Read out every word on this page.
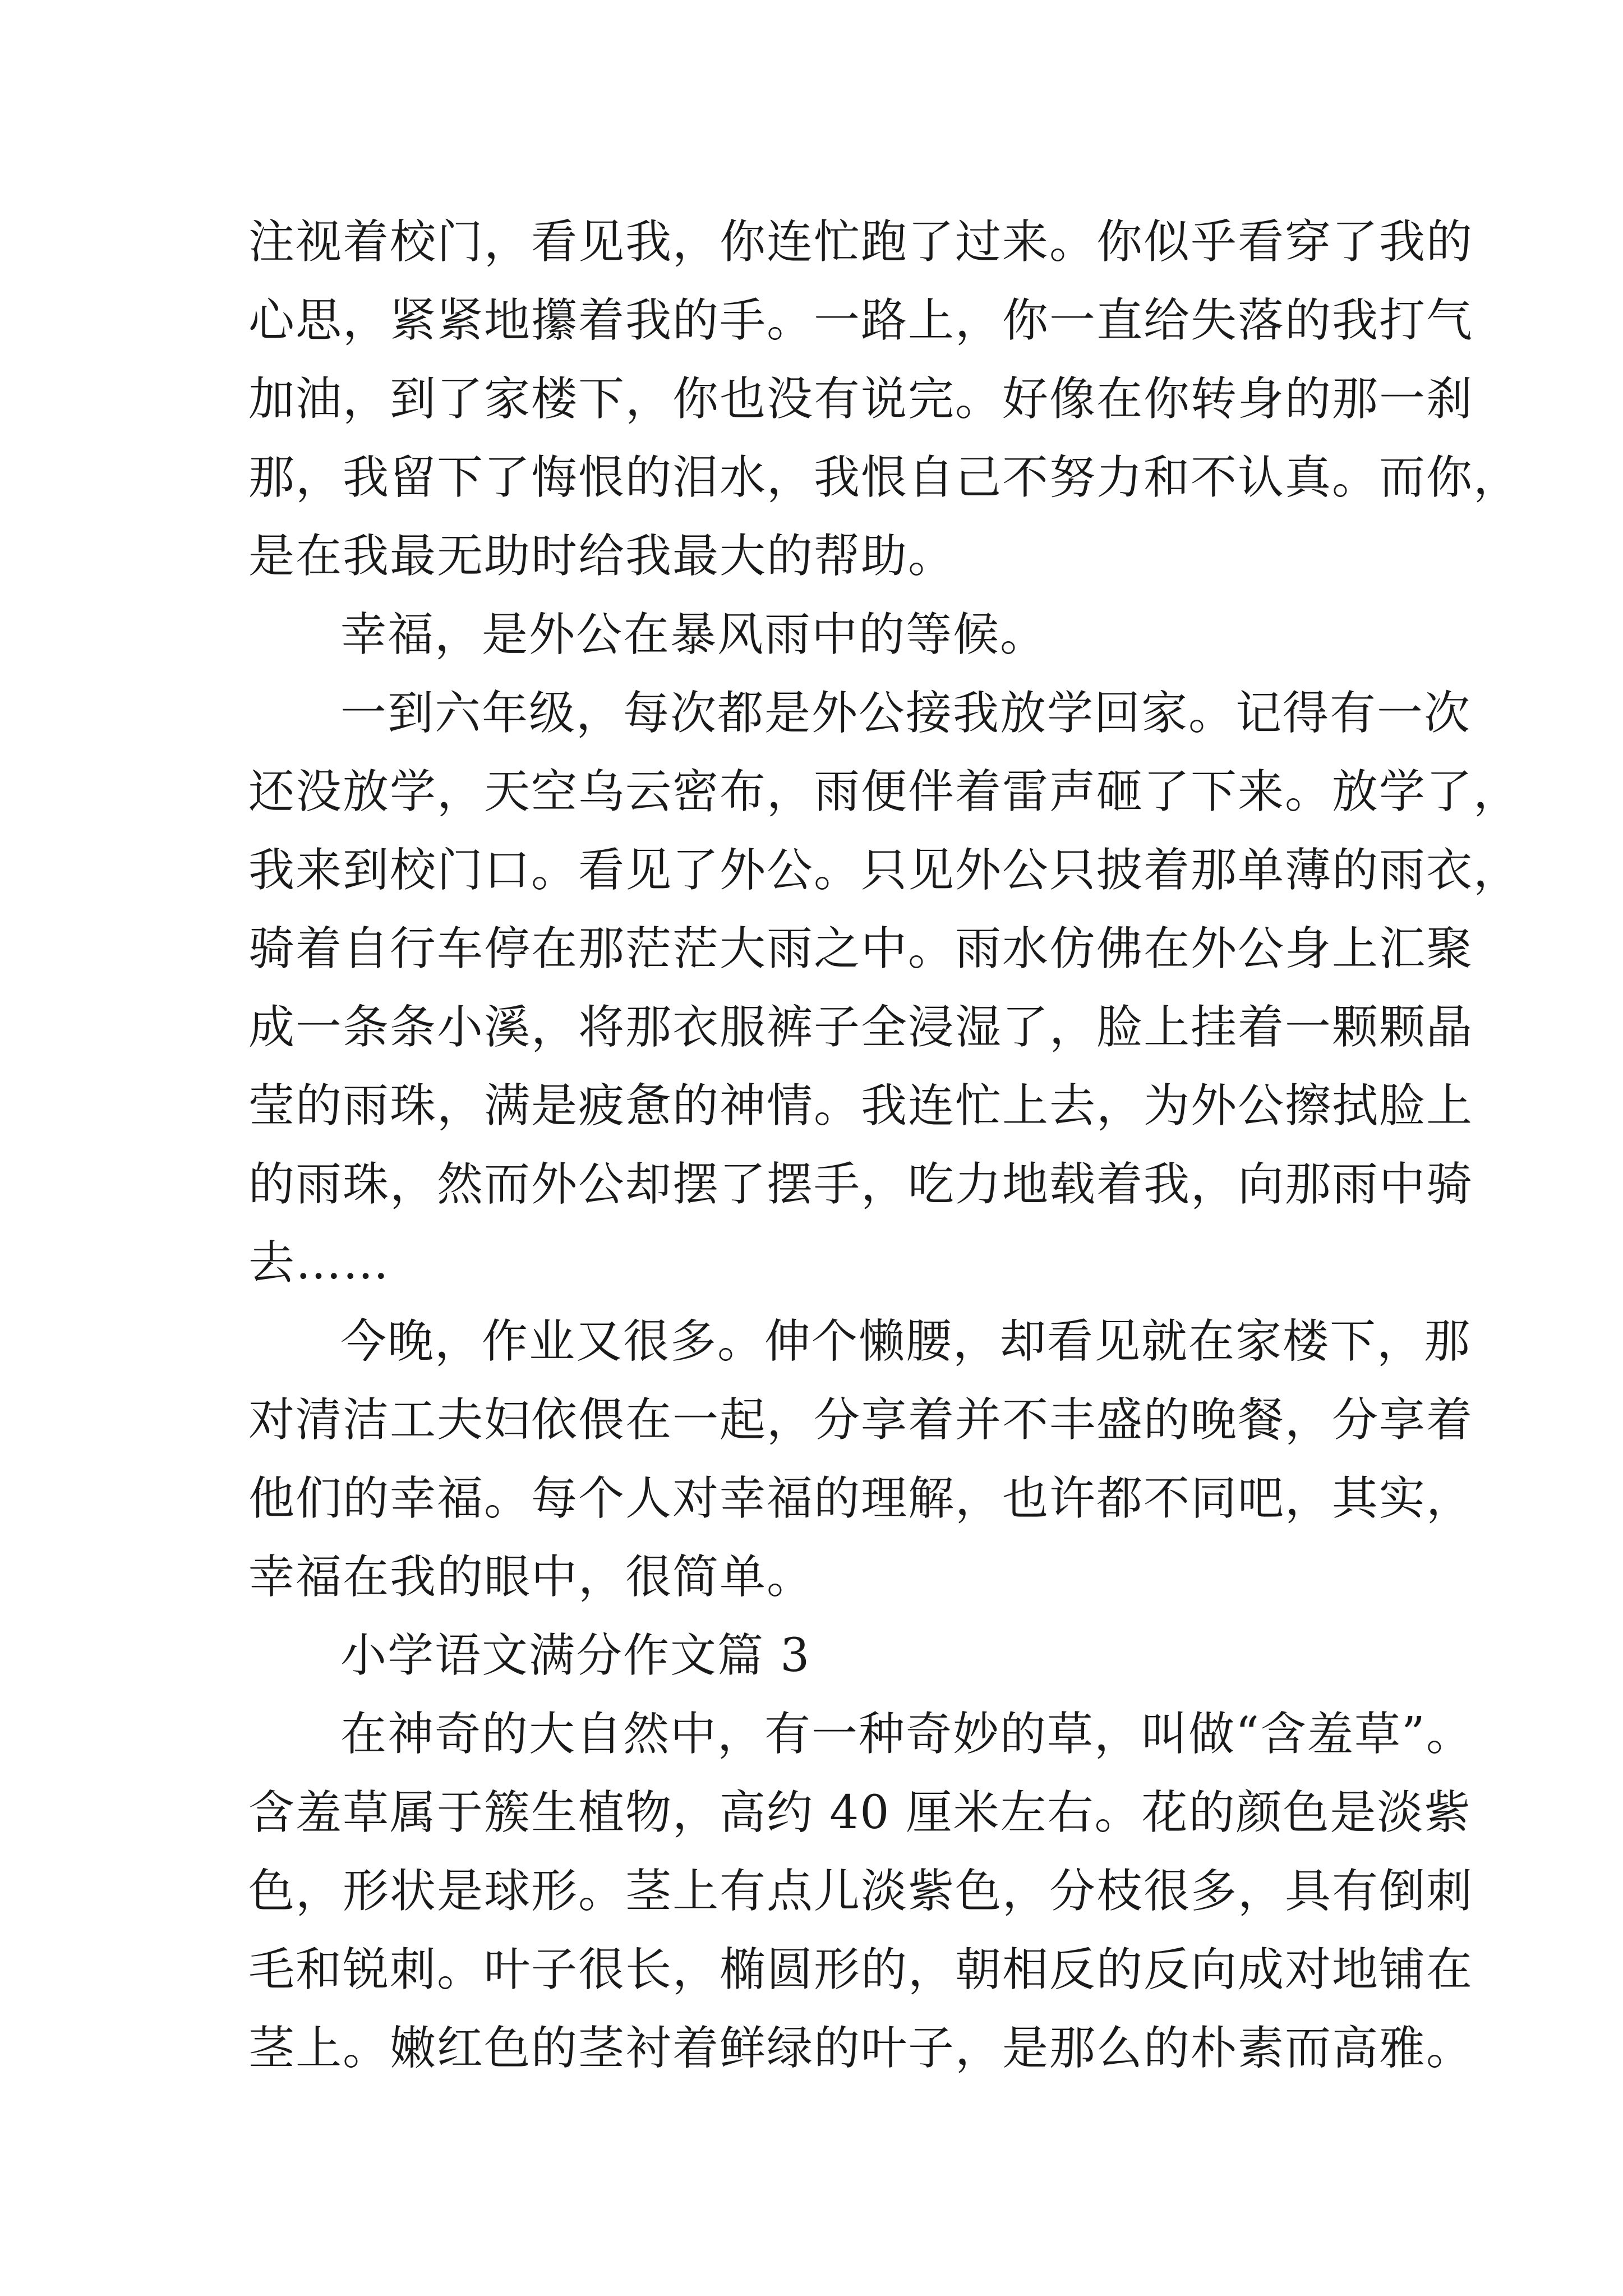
注视着校门，看见我，你连忙跑了过来。你似乎看穿了我的
心思，紧紧地攥着我的手。一路上，你一直给失落的我打气
加油，到了家楼下，你也没有说完。好像在你转身的那一刹
那，我留下了悔恨的泪水，我恨自己不努力和不认真。而你，
是在我最无助时给我最大的帮助。
幸福，是外公在暴风雨中的等候。
一到六年级，每次都是外公接我放学回家。记得有一次
还没放学，天空乌云密布，雨便伴着雷声砸了下来。放学了，
我来到校门口。看见了外公。只见外公只披着那单薄的雨衣，
骑着自行车停在那茫茫大雨之中。雨水仿佛在外公身上汇聚
成一条条小溪，将那衣服裤子全浸湿了，脸上挂着一颗颗晶
莹的雨珠，满是疲惫的神情。我连忙上去，为外公擦拭脸上
的雨珠，然而外公却摆了摆手，吃力地载着我，向那雨中骑
去……
今晚，作业又很多。伸个懒腰，却看见就在家楼下，那
对清洁工夫妇依偎在一起，分享着并不丰盛的晚餐，分享着
他们的幸福。每个人对幸福的理解，也许都不同吧，其实，
幸福在我的眼中，很简单。
小学语文满分作文篇 3
在神奇的大自然中，有一种奇妙的草，叫做“含羞草”。
含羞草属于簇生植物，高约 40 厘米左右。花的颜色是淡紫
色，形状是球形。茎上有点儿淡紫色，分枝很多，具有倒刺
毛和锐刺。叶子很长，椭圆形的，朝相反的反向成对地铺在
茎上。嫩红色的茎衬着鲜绿的叶子，是那么的朴素而高雅。
